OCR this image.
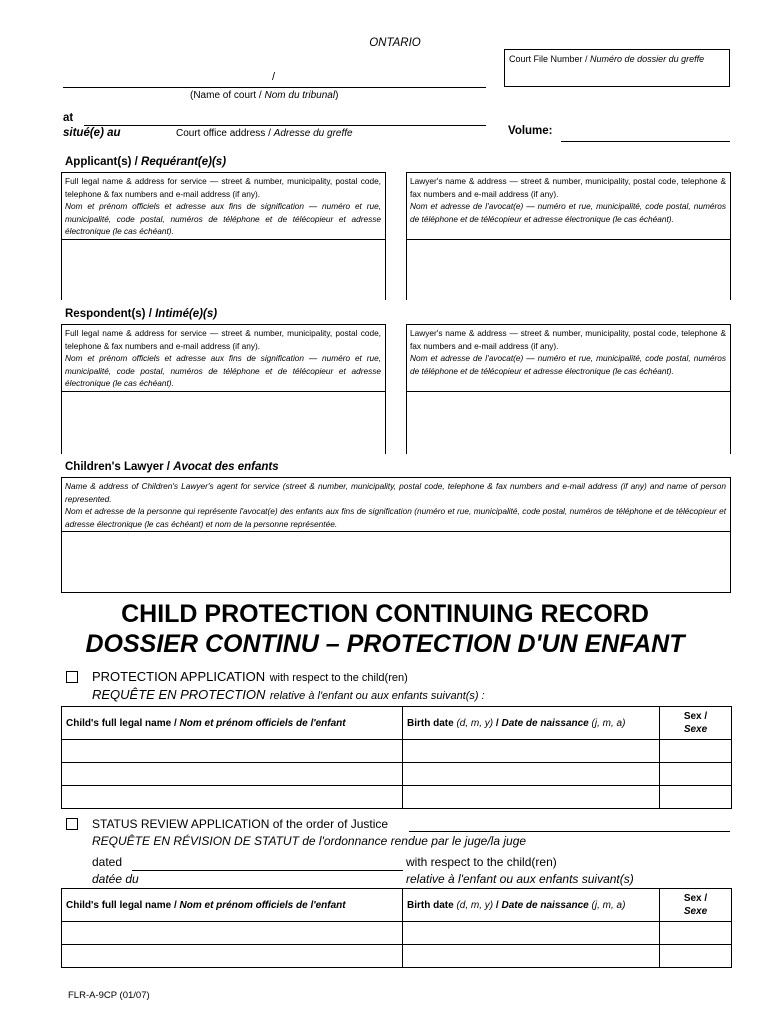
ONTARIO
Court File Number / Numéro de dossier du greffe
/
(Name of court / Nom du tribunal)
at
situé(e) au	Court office address / Adresse du greffe	Volume:
Applicant(s) / Requérant(e)(s)
Full legal name & address for service — street & number, municipality, postal code, telephone & fax numbers and e-mail address (if any).
Nom et prénom officiels et adresse aux fins de signification — numéro et rue, municipalité, code postal, numéros de téléphone et de télécopieur et adresse électronique (le cas échéant).
Lawyer's name & address — street & number, municipality, postal code, telephone & fax numbers and e-mail address (if any).
Nom et adresse de l'avocat(e) — numéro et rue, municipalité, code postal, numéros de téléphone et de télécopieur et adresse électronique (le cas échéant).
Respondent(s) / Intimé(e)(s)
Full legal name & address for service — street & number, municipality, postal code, telephone & fax numbers and e-mail address (if any).
Nom et prénom officiels et adresse aux fins de signification — numéro et rue, municipalité, code postal, numéros de téléphone et de télécopieur et adresse électronique (le cas échéant).
Lawyer's name & address — street & number, municipality, postal code, telephone & fax numbers and e-mail address (if any).
Nom et adresse de l'avocat(e) — numéro et rue, municipalité, code postal, numéros de téléphone et de télécopieur et adresse électronique (le cas échéant).
Children's Lawyer / Avocat des enfants
Name & address of Children's Lawyer's agent for service (street & number, municipality, postal code, telephone & fax numbers and e-mail address (if any) and name of person represented.
Nom et adresse de la personne qui représente l'avocat(e) des enfants aux fins de signification (numéro et rue, municipalité, code postal, numéros de téléphone et de télécopieur et adresse électronique (le cas échéant) et nom de la personne représentée.
CHILD PROTECTION CONTINUING RECORD
DOSSIER CONTINU – PROTECTION D'UN ENFANT
PROTECTION APPLICATION with respect to the child(ren)
REQUÊTE EN PROTECTION relative à l'enfant ou aux enfants suivant(s) :
Child's full legal name / Nom et prénom officiels de l'enfant	Birth date (d, m, y) / Date de naissance (j, m, a)	Sex /
Sexe

STATUS REVIEW APPLICATION of the order of Justice
REQUÊTE EN RÉVISION DE STATUT de l'ordonnance rendue par le juge/la juge
dated
datée du
with respect to the child(ren)
relative à l'enfant ou aux enfants suivant(s)
Child's full legal name / Nom et prénom officiels de l'enfant	Birth date (d, m, y) / Date de naissance (j, m, a)	Sex /
Sexe

FLR-A-9CP (01/07)
